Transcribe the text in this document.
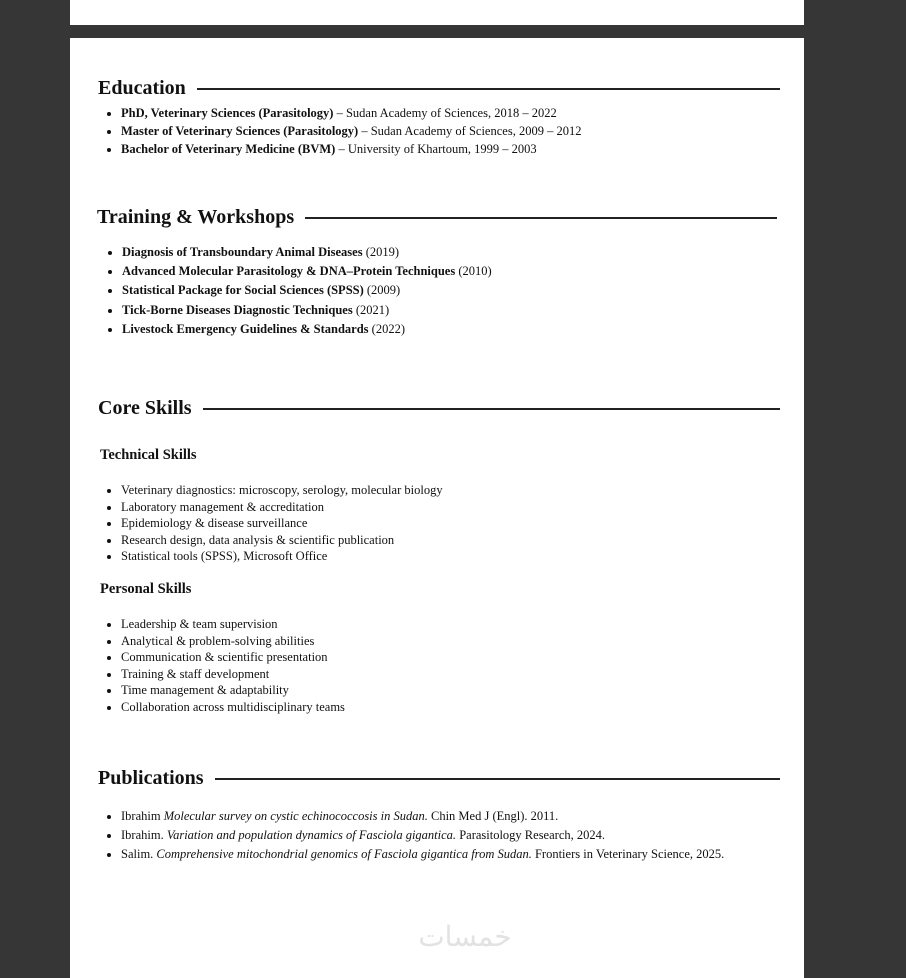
Education
• PhD, Veterinary Sciences (Parasitology) – Sudan Academy of Sciences, 2018 – 2022
• Master of Veterinary Sciences (Parasitology) – Sudan Academy of Sciences, 2009 – 2012
• Bachelor of Veterinary Medicine (BVM) – University of Khartoum, 1999 – 2003
Training & Workshops
• Diagnosis of Transboundary Animal Diseases (2019)
• Advanced Molecular Parasitology & DNA–Protein Techniques (2010)
• Statistical Package for Social Sciences (SPSS) (2009)
• Tick-Borne Diseases Diagnostic Techniques (2021)
• Livestock Emergency Guidelines & Standards (2022)
Core Skills
Technical Skills
• Veterinary diagnostics: microscopy, serology, molecular biology
• Laboratory management & accreditation
• Epidemiology & disease surveillance
• Research design, data analysis & scientific publication
• Statistical tools (SPSS), Microsoft Office
Personal Skills
• Leadership & team supervision
• Analytical & problem-solving abilities
• Communication & scientific presentation
• Training & staff development
• Time management & adaptability
• Collaboration across multidisciplinary teams
Publications
• Ibrahim Molecular survey on cystic echinococcosis in Sudan. Chin Med J (Engl). 2011.
• Ibrahim. Variation and population dynamics of Fasciola gigantica. Parasitology Research, 2024.
• Salim. Comprehensive mitochondrial genomics of Fasciola gigantica from Sudan. Frontiers in Veterinary Science, 2025.
خمسات
